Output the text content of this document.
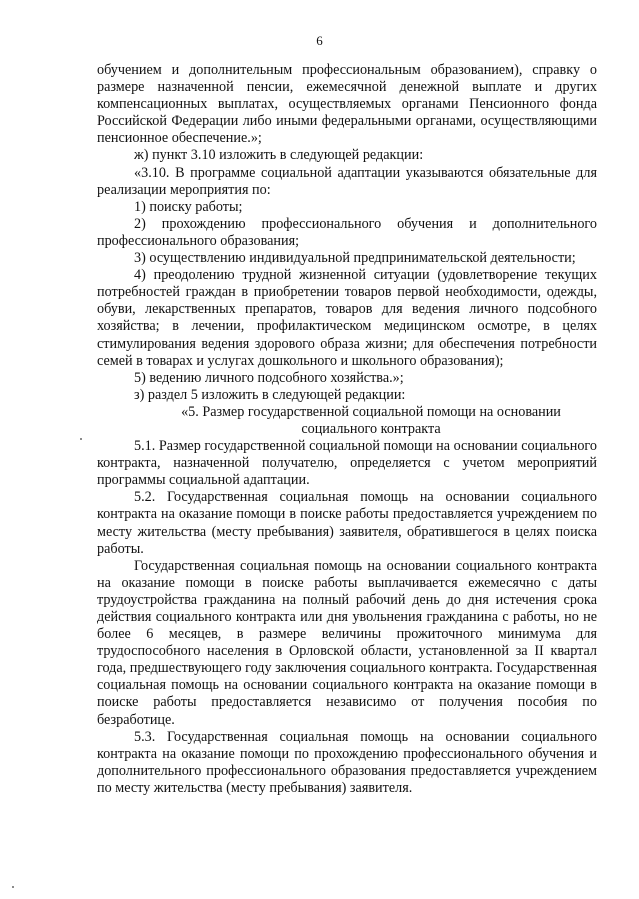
6

обучением и дополнительным профессиональным образованием), справку о размере назначенной пенсии, ежемесячной денежной выплате и других компенсационных выплатах, осуществляемых органами Пенсионного фонда Российской Федерации либо иными федеральными органами, осуществляющими пенсионное обеспечение.»;

ж) пункт 3.10 изложить в следующей редакции:

«3.10. В программе социальной адаптации указываются обязательные для реализации мероприятия по:

1) поиску работы;

2) прохождению профессионального обучения и дополнительного профессионального образования;

3) осуществлению индивидуальной предпринимательской деятельности;

4) преодолению трудной жизненной ситуации (удовлетворение текущих потребностей граждан в приобретении товаров первой необходимости, одежды, обуви, лекарственных препаратов, товаров для ведения личного подсобного хозяйства; в лечении, профилактическом медицинском осмотре, в целях стимулирования ведения здорового образа жизни; для обеспечения потребности семей в товарах и услугах дошкольного и школьного образования);

5) ведению личного подсобного хозяйства.»;

з) раздел 5 изложить в следующей редакции:

«5. Размер государственной социальной помощи на основании социального контракта

5.1. Размер государственной социальной помощи на основании социального контракта, назначенной получателю, определяется с учетом мероприятий программы социальной адаптации.

5.2. Государственная социальная помощь на основании социального контракта на оказание помощи в поиске работы предоставляется учреждением по месту жительства (месту пребывания) заявителя, обратившегося в целях поиска работы.

Государственная социальная помощь на основании социального контракта на оказание помощи в поиске работы выплачивается ежемесячно с даты трудоустройства гражданина на полный рабочий день до дня истечения срока действия социального контракта или дня увольнения гражданина с работы, но не более 6 месяцев, в размере величины прожиточного минимума для трудоспособного населения в Орловской области, установленной за II квартал года, предшествующего году заключения социального контракта. Государственная социальная помощь на основании социального контракта на оказание помощи в поиске работы предоставляется независимо от получения пособия по безработице.

5.3. Государственная социальная помощь на основании социального контракта на оказание помощи по прохождению профессионального обучения и дополнительного профессионального образования предоставляется учреждением по месту жительства (месту пребывания) заявителя.
